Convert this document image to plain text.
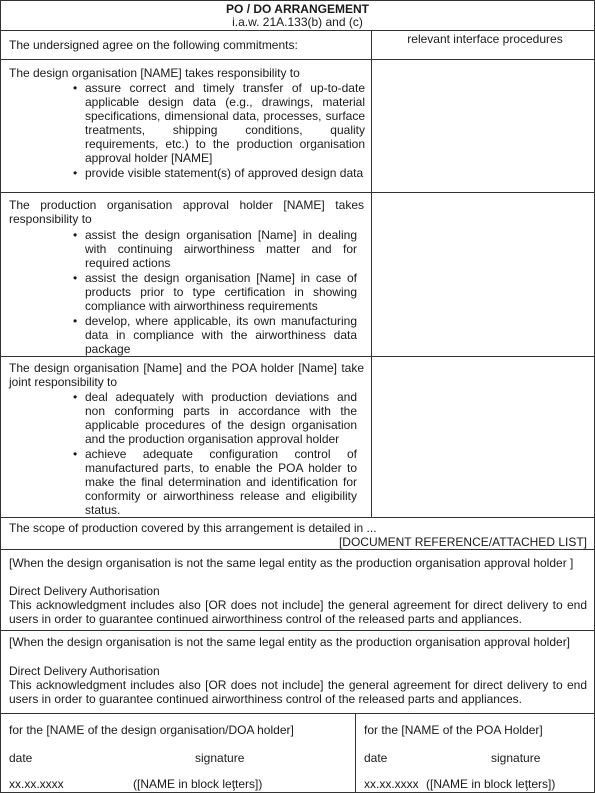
PO / DO ARRANGEMENT
i.a.w. 21A.133(b) and (c)
The undersigned agree on the following commitments:	relevant interface procedures
The design organisation [NAME] takes responsibility to
• assure correct and timely transfer of up-to-date applicable design data (e.g., drawings, material specifications, dimensional data, processes, surface treatments, shipping conditions, quality requirements, etc.) to the production organisation approval holder [NAME]
• provide visible statement(s) of approved design data
The production organisation approval holder [NAME] takes responsibility to
• assist the design organisation [Name] in dealing with continuing airworthiness matter and for required actions
• assist the design organisation [Name] in case of products prior to type certification in showing compliance with airworthiness requirements
• develop, where applicable, its own manufacturing data in compliance with the airworthiness data package
The design organisation [Name] and the POA holder [Name] take joint responsibility to
• deal adequately with production deviations and non conforming parts in accordance with the applicable procedures of the design organisation and the production organisation approval holder
• achieve adequate configuration control of manufactured parts, to enable the POA holder to make the final determination and identification for conformity or airworthiness release and eligibility status.
The scope of production covered by this arrangement is detailed in ...
[DOCUMENT REFERENCE/ATTACHED LIST]
[When the design organisation is not the same legal entity as the production organisation approval holder ]
Direct Delivery Authorisation
This acknowledgment includes also [OR does not include] the general agreement for direct delivery to end users in order to guarantee continued airworthiness control of the released parts and appliances.
[When the design organisation is not the same legal entity as the production organisation approval holder]
Direct Delivery Authorisation
This acknowledgment includes also [OR does not include] the general agreement for direct delivery to end users in order to guarantee continued airworthiness control of the released parts and appliances.
for the [NAME of the design organisation/DOA holder]
date	signature
xx.xx.xxxx	([NAME in block leţters])
for the [NAME of the POA Holder]
date	signature
xx.xx.xxxx ([NAME in block leţters])
